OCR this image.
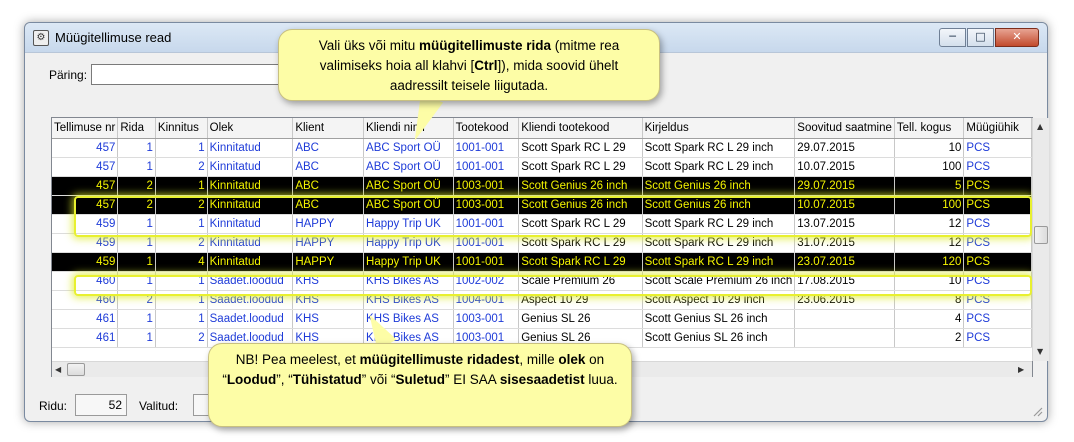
⚙ Müügitellimuse read	─	□	✕
Päring:
Tellimuse nr	Rida	Kinnitus	Olek	Klient	Kliendi nimi	Tootekood	Kliendi tootekood	Kirjeldus	Soovitud saatmine	Tell. kogus	Müügiühik
457	1	1	Kinnitatud	ABC	ABC Sport OÜ	1001-001	Scott Spark RC L 29	Scott Spark RC L 29 inch	29.07.2015	10	PCS
457	1	2	Kinnitatud	ABC	ABC Sport OÜ	1001-001	Scott Spark RC L 29	Scott Spark RC L 29 inch	10.07.2015	100	PCS
457	2	1	Kinnitatud	ABC	ABC Sport OÜ	1003-001	Scott Genius 26 inch	Scott Genius 26 inch	29.07.2015	5	PCS
457	2	2	Kinnitatud	ABC	ABC Sport OÜ	1003-001	Scott Genius 26 inch	Scott Genius 26 inch	10.07.2015	100	PCS
459	1	1	Kinnitatud	HAPPY	Happy Trip UK	1001-001	Scott Spark RC L 29	Scott Spark RC L 29 inch	13.07.2015	12	PCS
459	1	2	Kinnitatud	HAPPY	Happy Trip UK	1001-001	Scott Spark RC L 29	Scott Spark RC L 29 inch	31.07.2015	12	PCS
459	1	4	Kinnitatud	HAPPY	Happy Trip UK	1001-001	Scott Spark RC L 29	Scott Spark RC L 29 inch	23.07.2015	120	PCS
460	1	1	Saadet.loodud	KHS	KHS Bikes AS	1002-002	Scale Premium 26	Scott Scale Premium 26 inch	17.08.2015	10	PCS
460	2	1	Saadet.loodud	KHS	KHS Bikes AS	1004-001	Aspect 10 29	Scott Aspect 10 29 inch	23.06.2015	8	PCS
461	1	1	Saadet.loodud	KHS	KHS Bikes AS	1003-001	Genius SL 26	Scott Genius SL 26 inch		4	PCS
461	1	2	Saadet.loodud	KHS	KHS Bikes AS	1003-001	Genius SL 26	Scott Genius SL 26 inch		2	PCS
▲
▼
◀	▶
Ridu:	52	Valitud:
Vali üks või mitu müügitellimuste rida (mitme rea valimiseks hoia all klahvi [Ctrl]), mida soovid ühelt aadressilt teisele liigutada.
NB! Pea meelest, et müügitellimuste ridadest, mille olek on “Loodud”, “Tühistatud” või “Suletud” EI SAA sisesaadetist luua.
